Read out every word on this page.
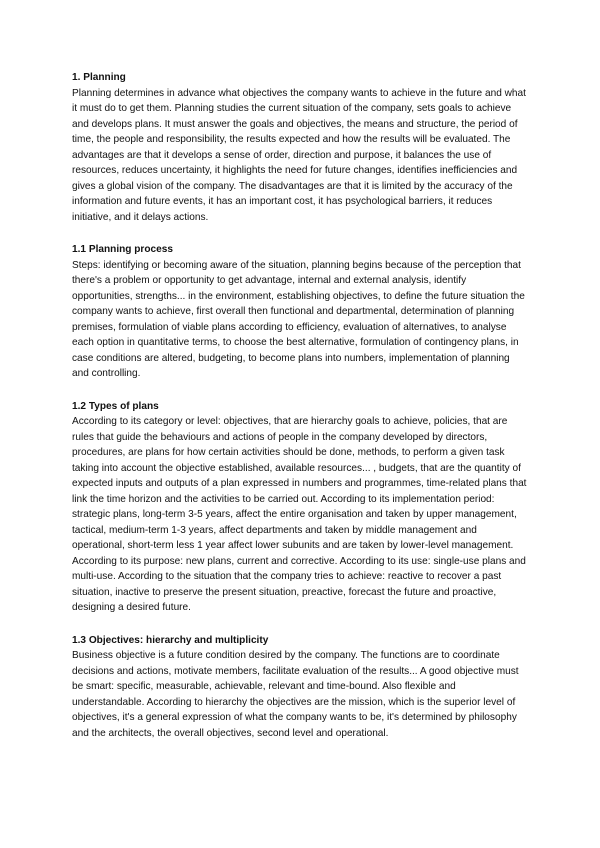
1. Planning

Planning determines in advance what objectives the company wants to achieve in the future and what it must do to get them. Planning studies the current situation of the company, sets goals to achieve and develops plans. It must answer the goals and objectives, the means and structure, the period of time, the people and responsibility, the results expected and how the results will be evaluated. The advantages are that it develops a sense of order, direction and purpose, it balances the use of resources, reduces uncertainty, it highlights the need for future changes, identifies inefficiencies and gives a global vision of the company. The disadvantages are that it is limited by the accuracy of the information and future events, it has an important cost, it has psychological barriers, it reduces initiative, and it delays actions.

1.1 Planning process

Steps: identifying or becoming aware of the situation, planning begins because of the perception that there's a problem or opportunity to get advantage, internal and external analysis, identify opportunities, strengths... in the environment, establishing objectives, to define the future situation the company wants to achieve, first overall then functional and departmental, determination of planning premises, formulation of viable plans according to efficiency, evaluation of alternatives, to analyse each option in quantitative terms, to choose the best alternative, formulation of contingency plans, in case conditions are altered, budgeting, to become plans into numbers, implementation of planning and controlling.

1.2 Types of plans

According to its category or level: objectives, that are hierarchy goals to achieve, policies, that are rules that guide the behaviours and actions of people in the company developed by directors, procedures, are plans for how certain activities should be done, methods, to perform a given task taking into account the objective established, available resources... , budgets, that are the quantity of expected inputs and outputs of a plan expressed in numbers and programmes, time-related plans that link the time horizon and the activities to be carried out. According to its implementation period: strategic plans, long-term 3-5 years, affect the entire organisation and taken by upper management, tactical, medium-term 1-3 years, affect departments and taken by middle management and operational, short-term less 1 year affect lower subunits and are taken by lower-level management. According to its purpose: new plans, current and corrective. According to its use: single-use plans and multi-use. According to the situation that the company tries to achieve: reactive to recover a past situation, inactive to preserve the present situation, preactive, forecast the future and proactive, designing a desired future.

1.3 Objectives: hierarchy and multiplicity

Business objective is a future condition desired by the company. The functions are to coordinate decisions and actions, motivate members, facilitate evaluation of the results... A good objective must be smart: specific, measurable, achievable, relevant and time-bound. Also flexible and understandable. According to hierarchy the objectives are the mission, which is the superior level of objectives, it's a general expression of what the company wants to be, it's determined by philosophy and the architects, the overall objectives, second level and operational.
